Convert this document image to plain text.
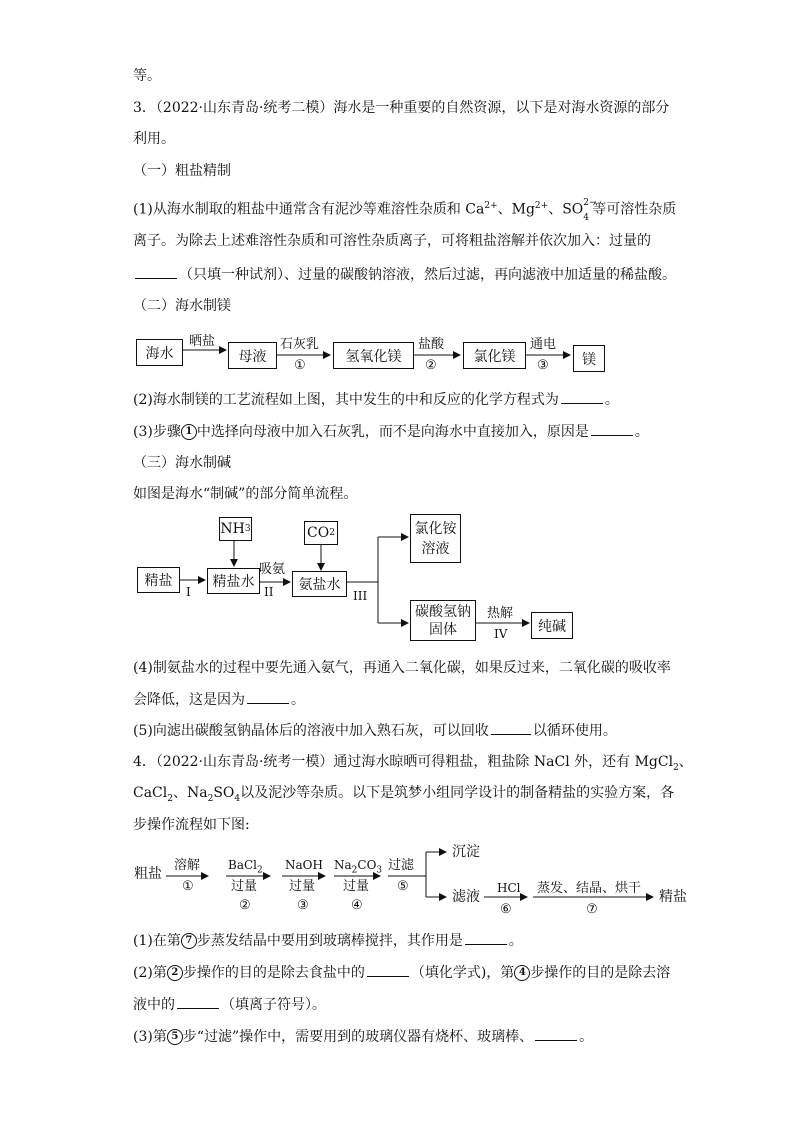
等。
3．（2022·山东青岛·统考二模）海水是一种重要的自然资源，以下是对海水资源的部分
利用。
（一）粗盐精制
(1)从海水制取的粗盐中通常含有泥沙等难溶性杂质和 $Ca^{2+}$、$Mg^{2+}$、SO 2−
4 等可溶性杂质
离子。为除去上述难溶性杂质和可溶性杂质离子，可将粗盐溶解并依次加入：过量的
（只填一种试剂）、过量的碳酸钠溶液，然后过滤，再向滤液中加适量的稀盐酸。
（二）海水制镁
海水	母液	氢氧化镁	氯化镁	镁
晒盐	石灰乳
①
盐酸
②
通电
③
(2)海水制镁的工艺流程如上图，其中发生的中和反应的化学方程式为	。
(3)步骤 1 中选择向母液中加入石灰乳，而不是向海水中直接加入，原因是	。
（三）海水制碱
如图是海水“制碱”的部分简单流程。
NH 3	CO 2
精盐	精盐水	氨盐水
氯化铵
溶液
碳酸氢钠
固体	纯碱
吸氨
I	II	III
热解
IV
(4)制氨盐水的过程中要先通入氨气，再通入二氧化碳，如果反过来，二氧化碳的吸收率
会降低，这是因为	。
(5)向滤出碳酸氢钠晶体后的溶液中加入熟石灰，可以回收	以循环使用。
4．（2022·山东青岛·统考一模）通过海水晾晒可得粗盐，粗盐除 NaCl 外，还有 MgCl$_2$、
CaCl$_2$、$Na_2SO_4$以及泥沙等杂质。以下是筑梦小组同学设计的制备精盐的实验方案，各
步操作流程如下图:
粗盐
溶解
①
BaCl$_2$
过量
②
NaOH
过量
③
$Na_2CO_3$
过量
④
过滤
⑤
沉淀
滤液
HCl
⑥
蒸发、结晶、烘干
⑦
精盐
(1)在第 7 步蒸发结晶中要用到玻璃棒搅拌，其作用是	。
(2)第 2 步操作的目的是除去食盐中的	（填化学式)，第 4 步操作的目的是除去溶
液中的	（填离子符号）。
(3)第 5 步“过滤”操作中，需要用到的玻璃仪器有烧杯、玻璃棒、	。
